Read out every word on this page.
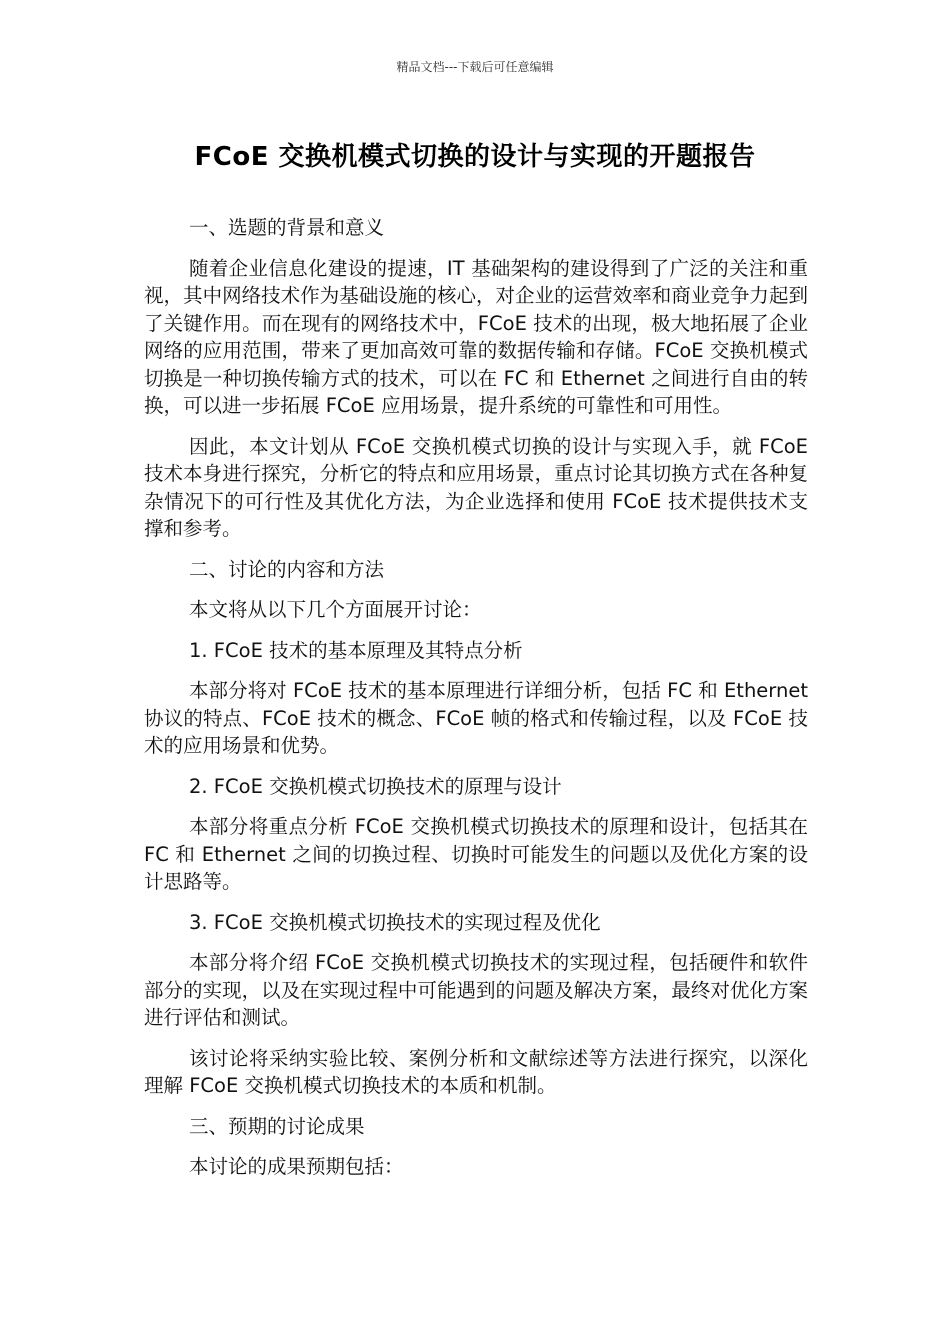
精品文档---下载后可任意编辑
FCoE 交换机模式切换的设计与实现的开题报告

一、选题的背景和意义

随着企业信息化建设的提速，IT 基础架构的建设得到了广泛的关注和重视，其中网络技术作为基础设施的核心，对企业的运营效率和商业竞争力起到了关键作用。而在现有的网络技术中，FCoE 技术的出现，极大地拓展了企业网络的应用范围，带来了更加高效可靠的数据传输和存储。FCoE 交换机模式切换是一种切换传输方式的技术，可以在 FC 和 Ethernet 之间进行自由的转换，可以进一步拓展 FCoE 应用场景，提升系统的可靠性和可用性。

因此，本文计划从 FCoE 交换机模式切换的设计与实现入手，就 FCoE 技术本身进行探究，分析它的特点和应用场景，重点讨论其切换方式在各种复杂情况下的可行性及其优化方法，为企业选择和使用 FCoE 技术提供技术支撑和参考。

二、讨论的内容和方法

本文将从以下几个方面展开讨论：

1. FCoE 技术的基本原理及其特点分析

本部分将对 FCoE 技术的基本原理进行详细分析，包括 FC 和 Ethernet 协议的特点、FCoE 技术的概念、FCoE 帧的格式和传输过程，以及 FCoE 技术的应用场景和优势。

2. FCoE 交换机模式切换技术的原理与设计

本部分将重点分析 FCoE 交换机模式切换技术的原理和设计，包括其在 FC 和 Ethernet 之间的切换过程、切换时可能发生的问题以及优化方案的设计思路等。

3. FCoE 交换机模式切换技术的实现过程及优化

本部分将介绍 FCoE 交换机模式切换技术的实现过程，包括硬件和软件部分的实现，以及在实现过程中可能遇到的问题及解决方案，最终对优化方案进行评估和测试。

该讨论将采纳实验比较、案例分析和文献综述等方法进行探究，以深化理解 FCoE 交换机模式切换技术的本质和机制。

三、预期的讨论成果

本讨论的成果预期包括：
